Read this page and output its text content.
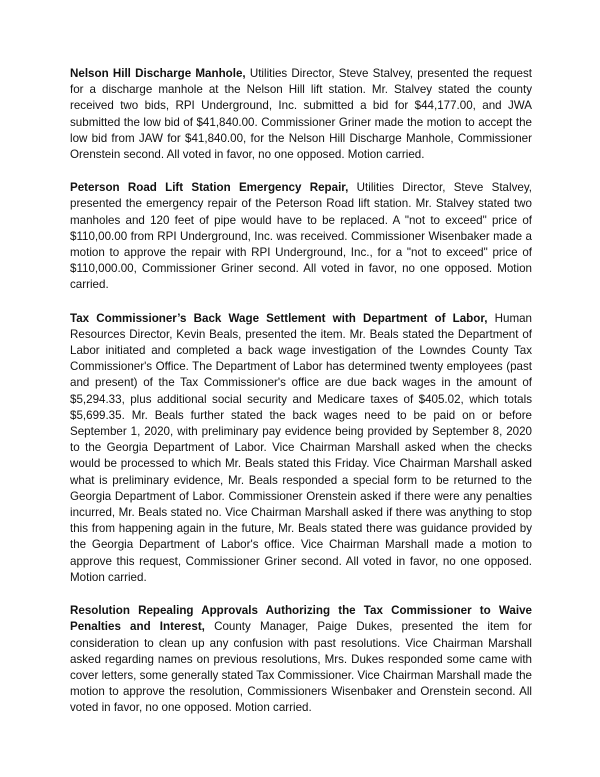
Nelson Hill Discharge Manhole, Utilities Director, Steve Stalvey, presented the request for a discharge manhole at the Nelson Hill lift station. Mr. Stalvey stated the county received two bids, RPI Underground, Inc. submitted a bid for $44,177.00, and JWA submitted the low bid of $41,840.00. Commissioner Griner made the motion to accept the low bid from JAW for $41,840.00, for the Nelson Hill Discharge Manhole, Commissioner Orenstein second. All voted in favor, no one opposed. Motion carried.

Peterson Road Lift Station Emergency Repair, Utilities Director, Steve Stalvey, presented the emergency repair of the Peterson Road lift station. Mr. Stalvey stated two manholes and 120 feet of pipe would have to be replaced. A "not to exceed" price of $110,00.00 from RPI Underground, Inc. was received. Commissioner Wisenbaker made a motion to approve the repair with RPI Underground, Inc., for a "not to exceed" price of $110,000.00, Commissioner Griner second. All voted in favor, no one opposed. Motion carried.

Tax Commissioner’s Back Wage Settlement with Department of Labor, Human Resources Director, Kevin Beals, presented the item. Mr. Beals stated the Department of Labor initiated and completed a back wage investigation of the Lowndes County Tax Commissioner's Office. The Department of Labor has determined twenty employees (past and present) of the Tax Commissioner's office are due back wages in the amount of $5,294.33, plus additional social security and Medicare taxes of $405.02, which totals $5,699.35. Mr. Beals further stated the back wages need to be paid on or before September 1, 2020, with preliminary pay evidence being provided by September 8, 2020 to the Georgia Department of Labor. Vice Chairman Marshall asked when the checks would be processed to which Mr. Beals stated this Friday. Vice Chairman Marshall asked what is preliminary evidence, Mr. Beals responded a special form to be returned to the Georgia Department of Labor. Commissioner Orenstein asked if there were any penalties incurred, Mr. Beals stated no. Vice Chairman Marshall asked if there was anything to stop this from happening again in the future, Mr. Beals stated there was guidance provided by the Georgia Department of Labor's office. Vice Chairman Marshall made a motion to approve this request, Commissioner Griner second. All voted in favor, no one opposed. Motion carried.

Resolution Repealing Approvals Authorizing the Tax Commissioner to Waive Penalties and Interest, County Manager, Paige Dukes, presented the item for consideration to clean up any confusion with past resolutions. Vice Chairman Marshall asked regarding names on previous resolutions, Mrs. Dukes responded some came with cover letters, some generally stated Tax Commissioner. Vice Chairman Marshall made the motion to approve the resolution, Commissioners Wisenbaker and Orenstein second. All voted in favor, no one opposed. Motion carried.
